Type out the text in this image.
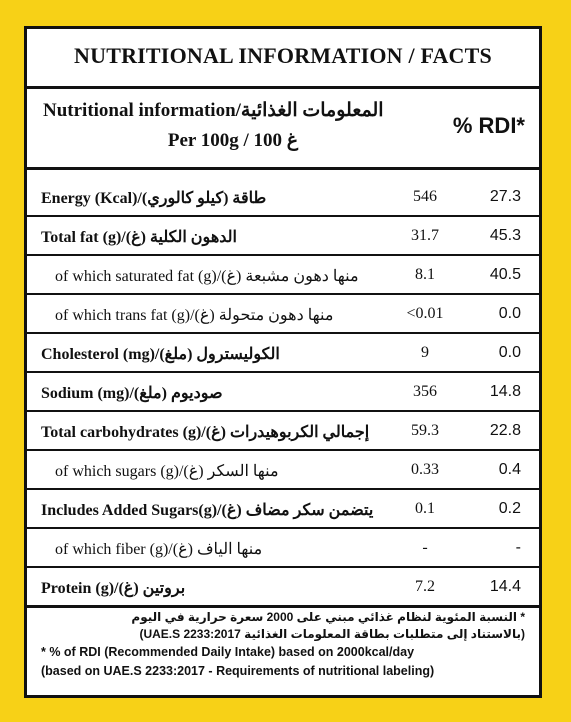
NUTRITIONAL INFORMATION / FACTS
Nutritional information/المعلومات الغذائية
Per 100g / 100 غ
% RDI*
Energy (Kcal)/(كيلو كالوري) طاقة	546	27.3
Total fat (g)/(غ) الدهون الكلية	31.7	45.3
of which saturated fat (g)/(غ) منها دهون مشبعة	8.1	40.5
of which trans fat (g)/(غ) منها دهون متحولة	<0.01	0.0
Cholesterol (mg)/(ملغ) الكوليسترول	9	0.0
Sodium (mg)/(ملغ) صوديوم	356	14.8
Total carbohydrates (g)/(غ) إجمالي الكربوهيدرات	59.3	22.8
of which sugars (g)/(غ) منها السكر	0.33	0.4
Includes Added Sugars(g)/(غ) يتضمن سكر مضاف	0.1	0.2
of which fiber (g)/(غ) منها الياف	-	-
Protein (g)/(غ) بروتين	7.2	14.4
* النسبة المئوية لنظام غذائي مبني على 2000 سعرة حرارية في اليوم
(بالاستناد إلى متطلبات بطاقة المعلومات الغذائية UAE.S 2233:2017)
* % of RDI (Recommended Daily Intake) based on 2000kcal/day
(based on UAE.S 2233:2017 - Requirements of nutritional labeling)
